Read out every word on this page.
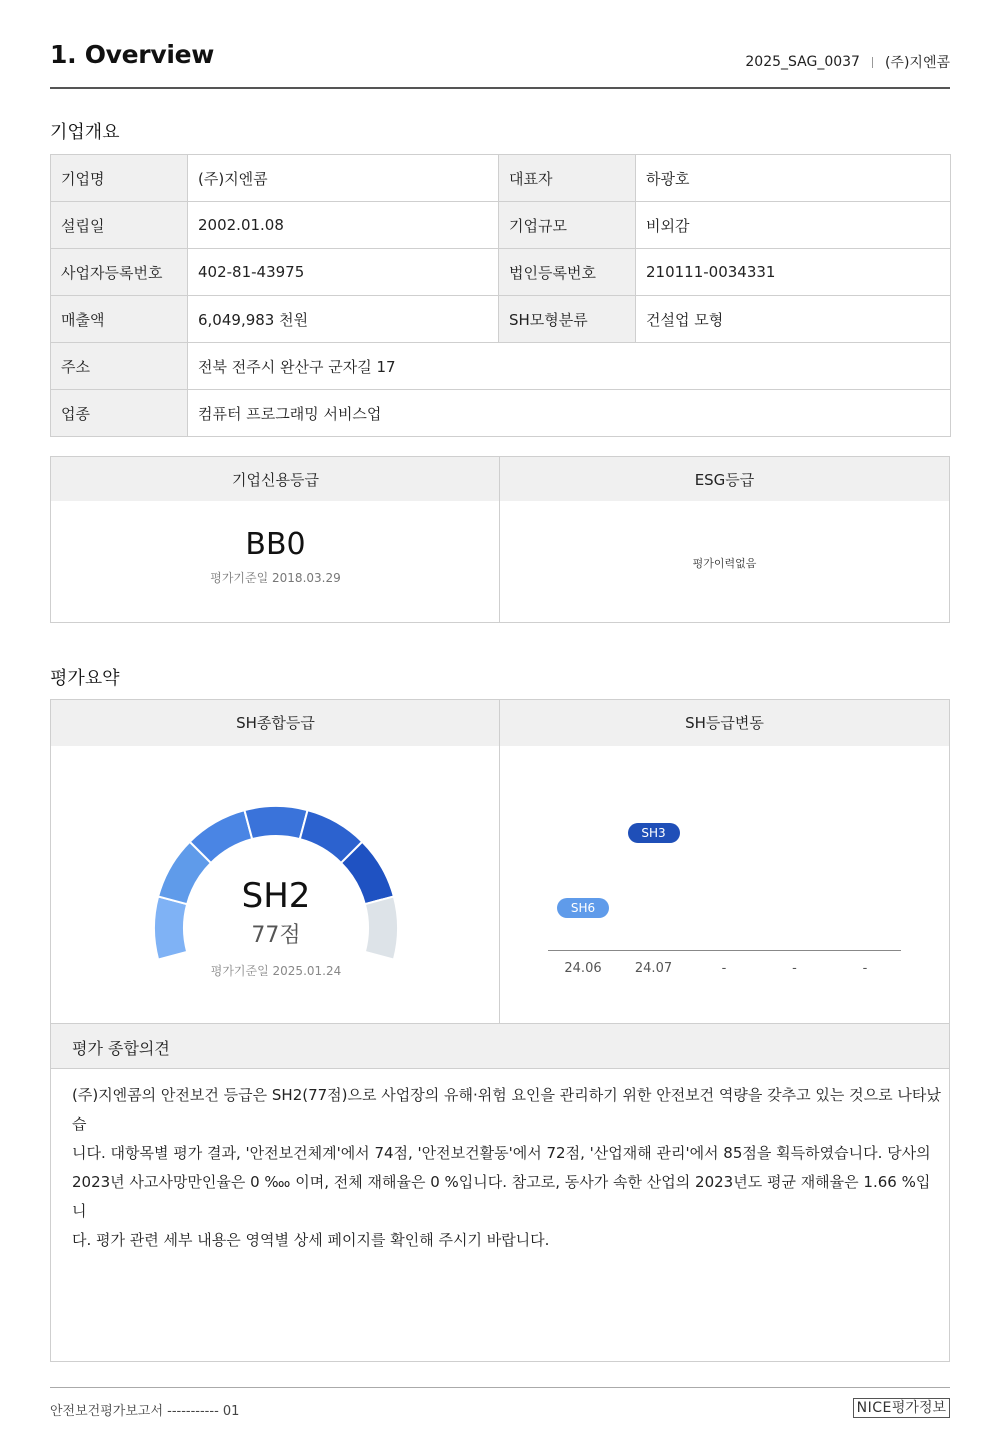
1. Overview	2025_SAG_0037 (주)지엔콤
기업개요
기업명	(주)지엔콤	대표자	하광호
설립일	2002.01.08	기업규모	비외감
사업자등록번호	402-81-43975	법인등록번호	210111-0034331
매출액	6,049,983 천원	SH모형분류	건설업 모형
주소	전북 전주시 완산구 군자길 17		
업종	컴퓨터 프로그래밍 서비스업		
기업신용등급	ESG등급
BB0
평가기준일 2018.03.29
평가이력없음
평가요약
SH종합등급	SH등급변동
평가 종합의견
(주)지엔콤의 안전보건 등급은 SH2(77점)으로 사업장의 유해·위험 요인을 관리하기 위한 안전보건 역량을 갖추고 있는 것으로 나타났습
니다. 대항목별 평가 결과, '안전보건체계'에서 74점, '안전보건활동'에서 72점, '산업재해 관리'에서 85점을 획득하였습니다. 당사의
2023년 사고사망만인율은 0 ‱ 이며, 전체 재해율은 0 %입니다. 참고로, 동사가 속한 산업의 2023년도 평균 재해율은 1.66 %입니
다. 평가 관련 세부 내용은 영역별 상세 페이지를 확인해 주시기 바랍니다.
SH2
77점
평가기준일 2025.01.24	24.06	24.07	-	-	-
SH6
SH3
안전보건평가보고서 ----------- 01	NICE평가정보
